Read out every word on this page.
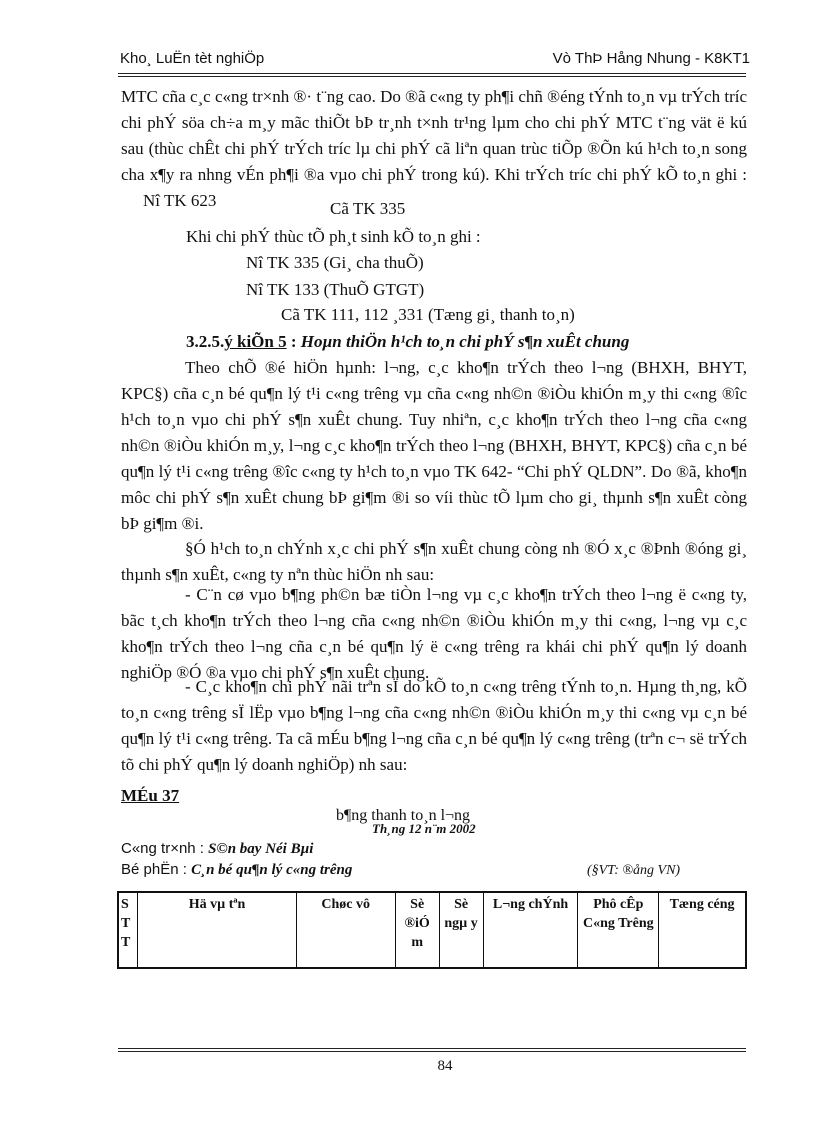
Kho¸ LuËn tèt nghiÖp	Vò ThÞ Hång Nhung - K8KT1
MTC cña c¸c c«ng tr×nh ®· t¨ng cao. Do ®ã c«ng ty ph¶i chñ ®éng tÝnh to¸n vµ trÝch tríc chi phÝ söa ch÷a m¸y mãc thiÕt bÞ tr¸nh t×nh tr¹ng lµm cho chi phÝ MTC t¨ng vät ë kú sau (thùc chÊt chi phÝ trÝch tríc lµ chi phÝ cã liªn quan trùc tiÕp ®Õn kú h¹ch to¸n song cha x¶y ra nhng vÉn ph¶i ®a vµo chi phÝ trong kú). Khi trÝch tríc chi phÝ kÕ to¸n ghi : Nî TK 623	Cã TK 335
Khi chi phÝ thùc tÕ ph¸t sinh kÕ to¸n ghi :
Nî TK 335 (Gi¸ cha thuÕ)
Nî TK 133 (ThuÕ GTGT)
Cã TK 111, 112 ¸331 (Tæng gi¸ thanh to¸n)
3.2.5.ý kiÕn 5 : Hoµn thiÖn h¹ch to¸n chi phÝ s¶n xuÊt chung
Theo chÕ ®é hiÖn hµnh: l¬ng, c¸c kho¶n trÝch theo l¬ng (BHXH, BHYT, KPC§) cña c¸n bé qu¶n lý t¹i c«ng trêng vµ cña c«ng nh©n ®iÒu khiÓn m¸y thi c«ng ®îc h¹ch to¸n vµo chi phÝ s¶n xuÊt chung. Tuy nhiªn, c¸c kho¶n trÝch theo l¬ng cña c«ng nh©n ®iÒu khiÓn m¸y, l¬ng c¸c kho¶n trÝch theo l¬ng (BHXH, BHYT, KPC§) cña c¸n bé qu¶n lý t¹i c«ng trêng ®îc c«ng ty h¹ch to¸n vµo TK 642- “Chi phÝ QLDN”. Do ®ã, kho¶n môc chi phÝ s¶n xuÊt chung bÞ gi¶m ®i so víi thùc tÕ lµm cho gi¸ thµnh s¶n xuÊt còng bÞ gi¶m ®i.
§Ó h¹ch to¸n chÝnh x¸c chi phÝ s¶n xuÊt chung còng nh ®Ó x¸c ®Þnh ®óng gi¸ thµnh s¶n xuÊt, c«ng ty nªn thùc hiÖn nh sau:
- C¨n cø vµo b¶ng ph©n bæ tiÒn l¬ng vµ c¸c kho¶n trÝch theo l¬ng ë c«ng ty, bãc t¸ch kho¶n trÝch theo l¬ng cña c«ng nh©n ®iÒu khiÓn m¸y thi c«ng, l¬ng vµ c¸c kho¶n trÝch theo l¬ng cña c¸n bé qu¶n lý ë c«ng trêng ra khái chi phÝ qu¶n lý doanh nghiÖp ®Ó ®a vµo chi phÝ s¶n xuÊt chung.
- C¸c kho¶n chi phÝ nãi trªn sÏ do kÕ to¸n c«ng trêng tÝnh to¸n. Hµng th¸ng, kÕ to¸n c«ng trêng sÏ lËp vµo b¶ng l¬ng cña c«ng nh©n ®iÒu khiÓn m¸y thi c«ng vµ c¸n bé qu¶n lý t¹i c«ng trêng. Ta cã mÉu b¶ng l¬ng cña c¸n bé qu¶n lý c«ng trêng (trªn c¬ së trÝch tõ chi phÝ qu¶n lý doanh nghiÖp) nh sau:
MÉu 37
b¶ng thanh to¸n l¬ng
Th¸ng 12 n¨m 2002
C«ng tr×nh : S©n bay Néi Bµi
Bé phËn : C¸n bé qu¶n lý c«ng trêng	(§VT: ®ång VN)
S T T	Hä vµ tªn	Chøc vô	Sè ®iÓ m	Sè ngµ y	L¬ng chÝnh	Phô cÊp C«ng Trêng	Tæng céng
84
